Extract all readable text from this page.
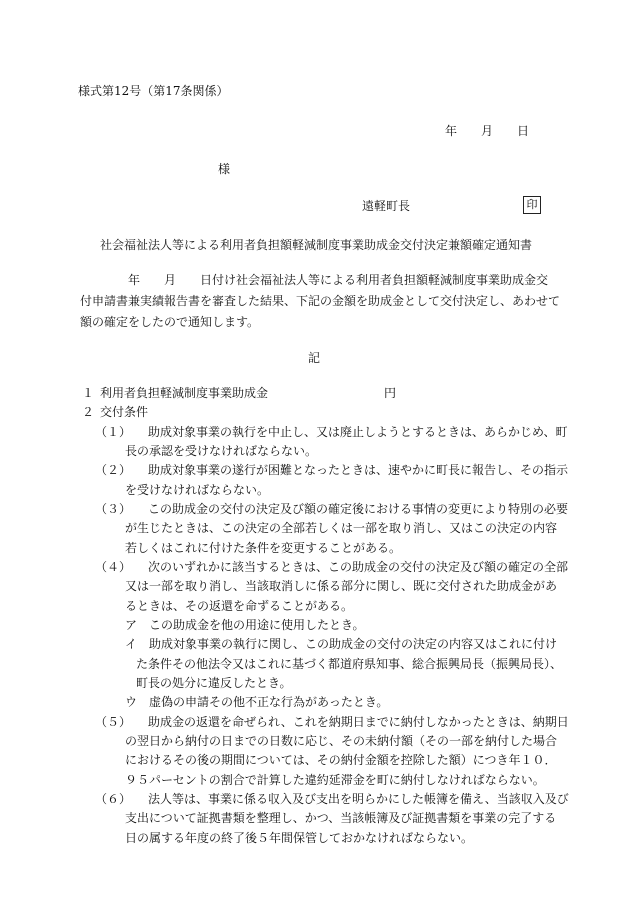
様式第12号（第17条関係）
年　　月　　日
様
遠軽町長	印
社会福祉法人等による利用者負担額軽減制度事業助成金交付決定兼額確定通知書
　　年　　月　　日付け社会福祉法人等による利用者負担額軽減制度事業助成金交
付申請書兼実績報告書を審査した結果、下記の金額を助成金として交付決定し、あわせて
額の確定をしたので通知します。
記
１ 利用者負担軽減制度事業助成金	円
２ 交付条件
（１） 助成対象事業の執行を中止し、又は廃止しようとするときは、あらかじめ、町
長の承認を受けなければならない。
（２） 助成対象事業の遂行が困難となったときは、速やかに町長に報告し、その指示
を受けなければならない。
（３） この助成金の交付の決定及び額の確定後における事情の変更により特別の必要
が生じたときは、この決定の全部若しくは一部を取り消し、又はこの決定の内容
若しくはこれに付けた条件を変更することがある。
（４） 次のいずれかに該当するときは、この助成金の交付の決定及び額の確定の全部
又は一部を取り消し、当該取消しに係る部分に関し、既に交付された助成金があ
るときは、その返還を命ずることがある。
ア　この助成金を他の用途に使用したとき。
イ　助成対象事業の執行に関し、この助成金の交付の決定の内容又はこれに付け
た条件その他法令又はこれに基づく都道府県知事、総合振興局長（振興局長）、
町長の処分に違反したとき。
ウ　虚偽の申請その他不正な行為があったとき。
（５） 助成金の返還を命ぜられ、これを納期日までに納付しなかったときは、納期日
の翌日から納付の日までの日数に応じ、その未納付額（その一部を納付した場合
におけるその後の期間については、その納付金額を控除した額）につき年１０．
９５パーセントの割合で計算した違約延滞金を町に納付しなければならない。
（６） 法人等は、事業に係る収入及び支出を明らかにした帳簿を備え、当該収入及び
支出について証拠書類を整理し、かつ、当該帳簿及び証拠書類を事業の完了する
日の属する年度の終了後５年間保管しておかなければならない。
